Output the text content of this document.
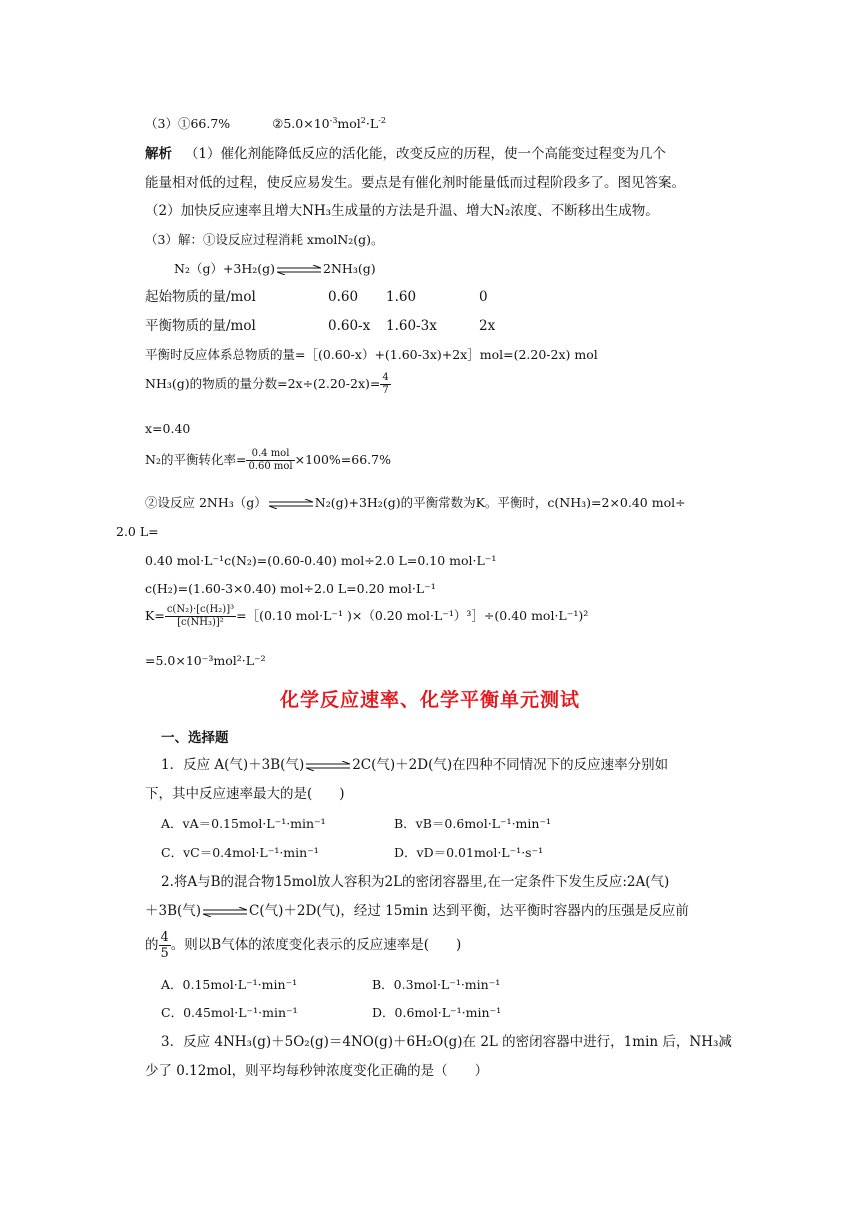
（3）①66.7%	$②5.0\times 10^{-3}mol^2\cdot L^{-2}$
解析 （1）催化剂能降低反应的活化能，改变反应的历程，使一个高能变过程变为几个
能量相对低的过程，使反应易发生。要点是有催化剂时能量低而过程阶段多了。图见答案。
（2）加快反应速率且增大NH₃生成量的方法是升温、增大N₂浓度、不断移出生成物。
（3）解：①设反应过程消耗 xmolN₂(g)。
N₂（g）+3H₂(g) ⇌ 2NH₃(g)
起始物质的量/mol	0.60 1.60	0
平衡物质的量/mol	0.60-x 1.60-3x	2x
平衡时反应体系总物质的量=［(0.60-x）+(1.60-3x)+2x］mol=(2.20-2x) mol
NH₃(g)的物质的量分数$=2x\div(2.20-2x)= \frac{4}{7}$
x=0.40
N₂的平衡转化率= $\frac{\text{0.4 mol}}{\text{0.60 mol}} \times 100\%=66.7\%$
②设反应 2NH₃（g） ⇌ N₂(g)+3H₂(g)的平衡常数为K。平衡时，c(NH₃)=2×0.40 mol÷
2.0 L=
0.40 mol·L⁻¹c(N₂)=(0.60-0.40) mol÷2.0 L=0.10 mol·L⁻¹
c(H₂)=(1.60-3×0.40) mol÷2.0 L=0.20 mol·L⁻¹
$K= \frac{\text{c(N₂)·[c(H₂)]³}}{\text{[c(NH₃)]²}}$ =［(0.10 mol·L⁻¹ )×（0.20 mol·L⁻¹）³］÷(0.40 mol·L⁻¹)²
=5.0×10⁻³mol²·L⁻²
化学反应速率、化学平衡单元测试
一、选择题
1．反应 A(气)＋3B(气) ⇌ 2C(气)＋2D(气)在四种不同情况下的反应速率分别如
下，其中反应速率最大的是(　　)
A．vA＝0.15mol·L⁻¹·min⁻¹	B．vB＝0.6mol·L⁻¹·min⁻¹
C．vC＝0.4mol·L⁻¹·min⁻¹	D．vD＝0.01mol·L⁻¹·s⁻¹
2.将A与B的混合物15mol放人容积为2L的密闭容器里,在一定条件下发生反应:2A(气)
＋3B(气) ⇌ C(气)＋2D(气)，经过 15min 达到平衡，达平衡时容器内的压强是反应前
的 $\frac{4}{5}$ 。则以B气体的浓度变化表示的反应速率是(　　)
A．0.15mol·L⁻¹·min⁻¹	B．0.3mol·L⁻¹·min⁻¹
C．0.45mol·L⁻¹·min⁻¹	D．0.6mol·L⁻¹·min⁻¹
3．反应 4NH₃(g)＋5O₂(g)＝4NO(g)＋6H₂O(g)在 2L 的密闭容器中进行，1min 后，NH₃减
少了 0.12mol，则平均每秒钟浓度变化正确的是（　　）
